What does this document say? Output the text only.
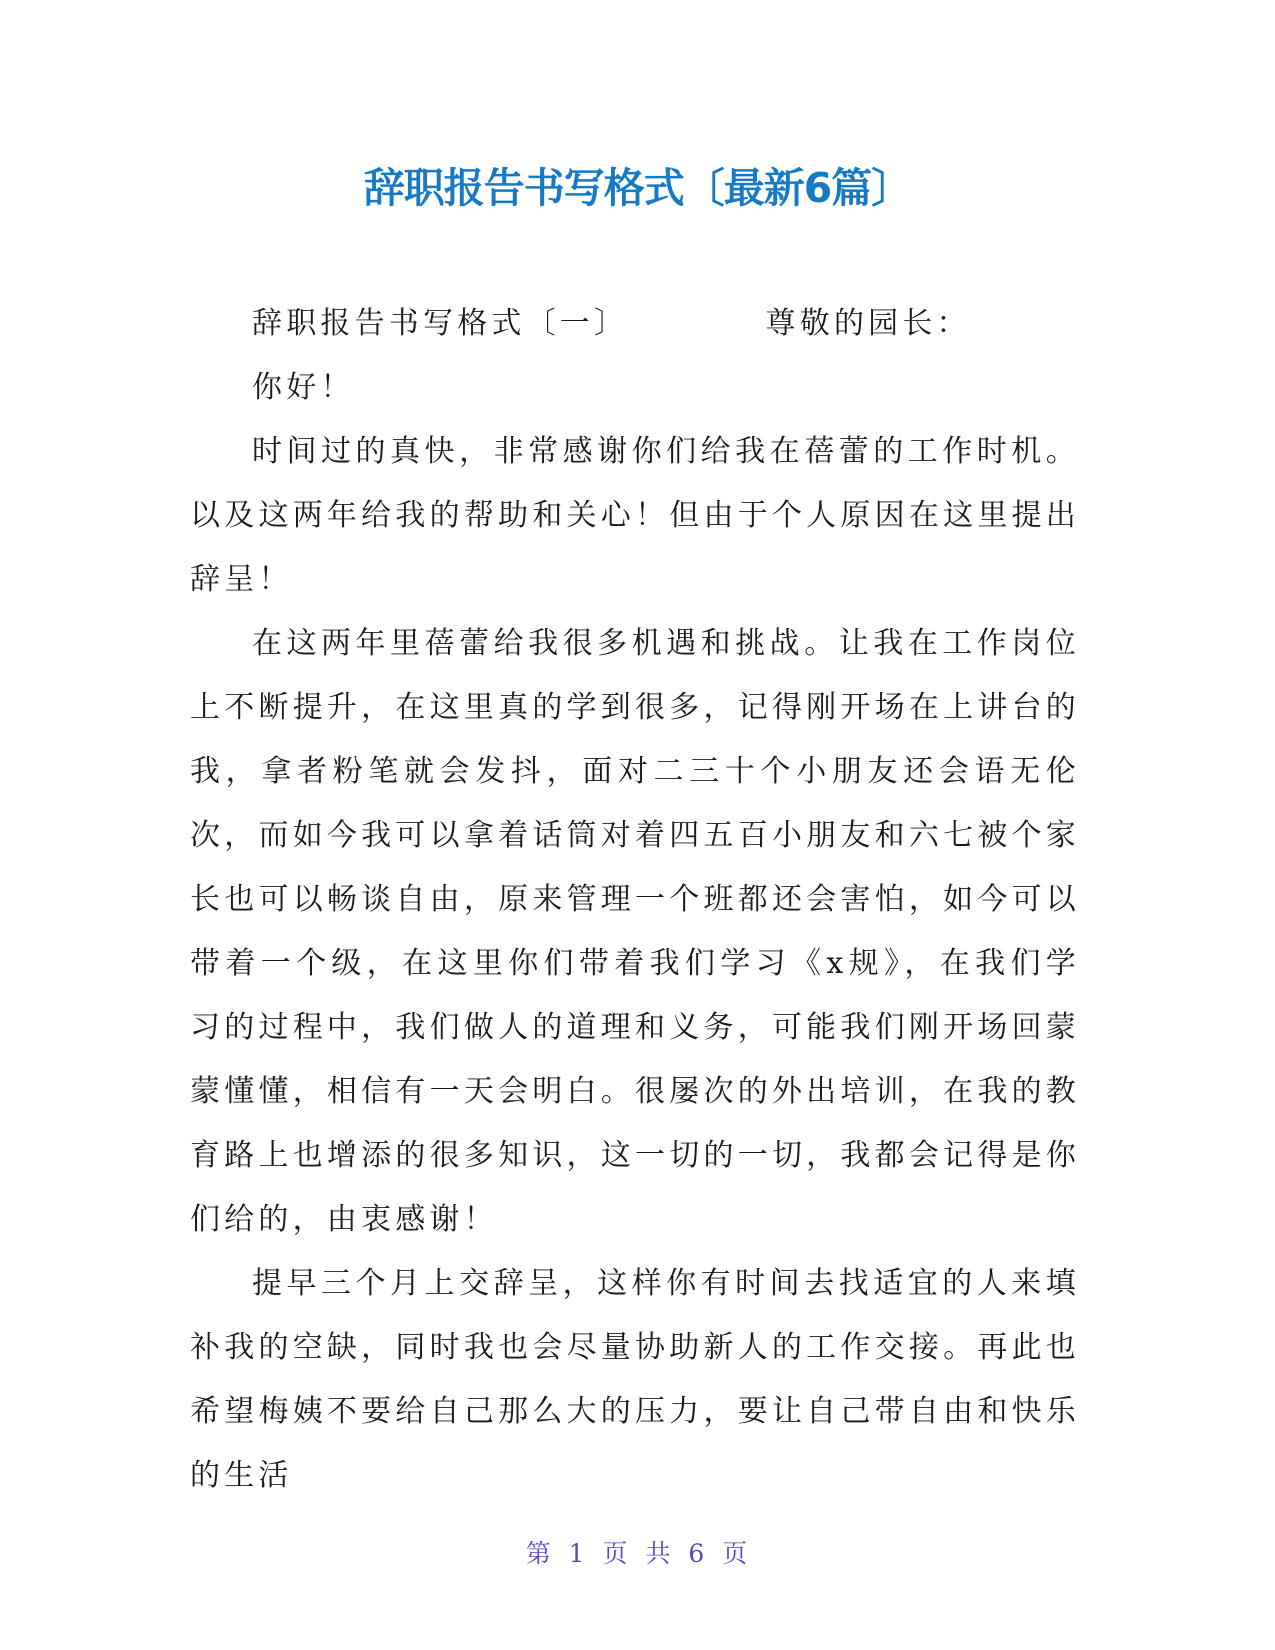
辞职报告书写格式〔最新6篇〕

辞职报告书写格式〔一〕          尊敬的园长：

你好！

时间过的真快，非常感谢你们给我在蓓蕾的工作时机。以及这两年给我的帮助和关心！但由于个人原因在这里提出辞呈！

在这两年里蓓蕾给我很多机遇和挑战。让我在工作岗位上不断提升，在这里真的学到很多，记得刚开场在上讲台的我，拿者粉笔就会发抖，面对二三十个小朋友还会语无伦次，而如今我可以拿着话筒对着四五百小朋友和六七被个家长也可以畅谈自由，原来管理一个班都还会害怕，如今可以带着一个级，在这里你们带着我们学习《x规》，在我们学习的过程中，我们做人的道理和义务，可能我们刚开场回蒙蒙懂懂，相信有一天会明白。很屡次的外出培训，在我的教育路上也增添的很多知识，这一切的一切，我都会记得是你们给的，由衷感谢！

提早三个月上交辞呈，这样你有时间去找适宜的人来填补我的空缺，同时我也会尽量协助新人的工作交接。再此也希望梅姨不要给自己那么大的压力，要让自己带自由和快乐的生活

第 1 页 共 6 页
